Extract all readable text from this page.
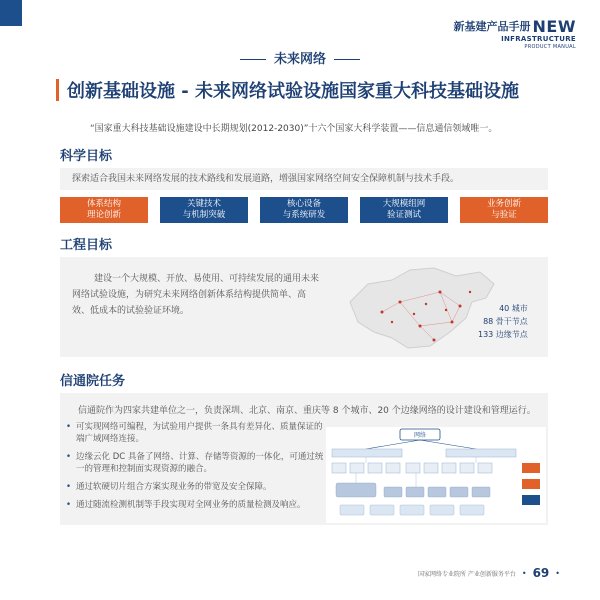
新基建产品手册 NEW
INFRASTRUCTURE
PRODUCT MANUAL
未来网络
创新基础设施 - 未来网络试验设施国家重大科技基础设施
“国家重大科技基础设施建设中长期规划(2012-2030)”十六个国家大科学装置——信息通信领域唯一。
科学目标
探索适合我国未来网络发展的技术路线和发展道路，增强国家网络空间安全保障机制与技术手段。
体系结构
理论创新
关键技术
与机制突破
核心设备
与系统研发
大规模组网
验证测试
业务创新
与验证
工程目标
建设一个大规模、开放、易使用、可持续发展的通用未来网络试验设施，为研究未来网络创新体系结构提供简单、高效、低成本的试验验证环境。	40 城市
88 骨干节点
133 边缘节点
信通院任务
信通院作为四家共建单位之一，负责深圳、北京、南京、重庆等 8 个城市、20 个边缘网络的设计建设和管理运行。
• 可实现网络可编程，为试验用户提供一条具有差异化、质量保证的端广域网络连接。
• 边缘云化 DC 具备了网络、计算、存储等资源的一体化，可通过统一的管理和控制面实现资源的融合。
• 通过软硬切片组合方案实现业务的带宽及安全保障。
• 通过随流检测机制等手段实现对全网业务的质量检测及响应。
网络
国家网络专业院所 产业创新服务平台 • 69 •
